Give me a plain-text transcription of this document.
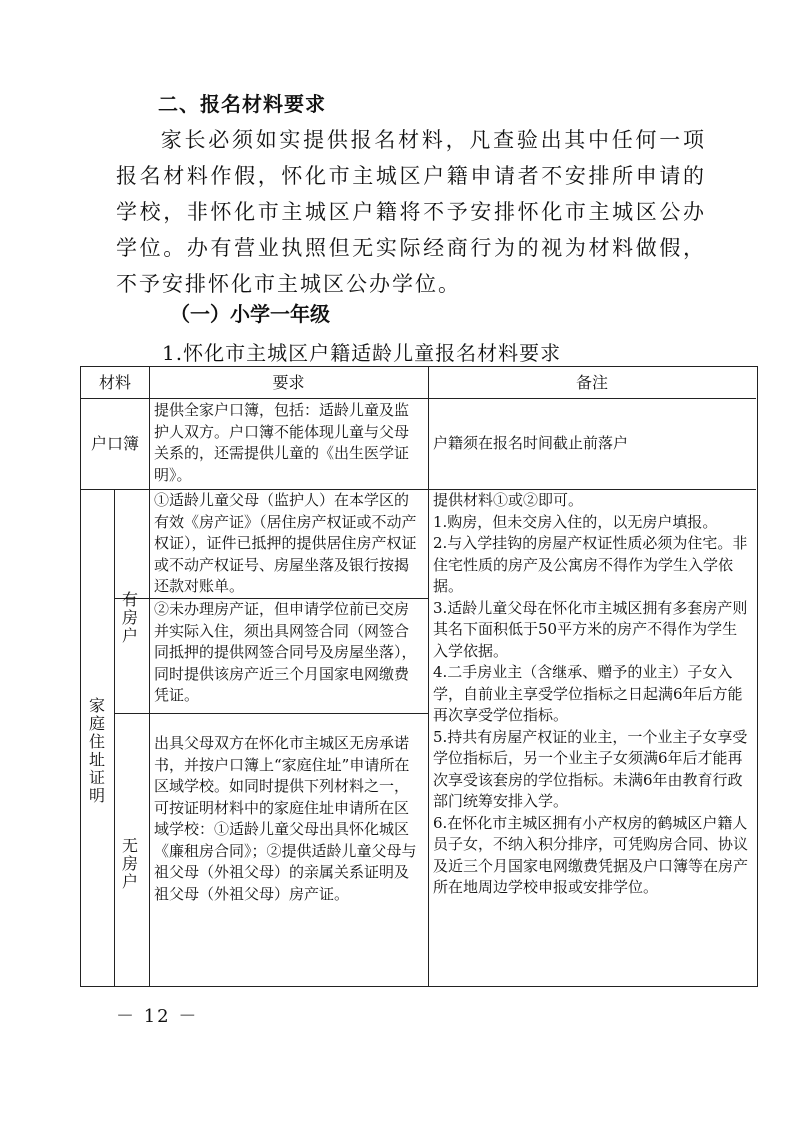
二、报名材料要求
家长必须如实提供报名材料，凡查验出其中任何一项报名材料作假，怀化市主城区户籍申请者不安排所申请的学校，非怀化市主城区户籍将不予安排怀化市主城区公办学位。办有营业执照但无实际经商行为的视为材料做假，不予安排怀化市主城区公办学位。
（一）小学一年级
1.怀化市主城区户籍适龄儿童报名材料要求
材料	要求	备注
户口簿
提供全家户口簿，包括：适龄儿童及监护人双方。户口簿不能体现儿童与父母关系的，还需提供儿童的《出生医学证明》。
户籍须在报名时间截止前落户
家庭住址证明
有房户
无房户
①适龄儿童父母（监护人）在本学区的有效《房产证》（居住房产权证或不动产权证），证件已抵押的提供居住房产权证或不动产权证号、房屋坐落及银行按揭还款对账单。
②未办理房产证，但申请学位前已交房并实际入住，须出具网签合同（网签合同抵押的提供网签合同号及房屋坐落），同时提供该房产近三个月国家电网缴费凭证。
出具父母双方在怀化市主城区无房承诺书，并按户口簿上“家庭住址”申请所在区域学校。如同时提供下列材料之一，可按证明材料中的家庭住址申请所在区域学校：①适龄儿童父母出具怀化城区《廉租房合同》；②提供适龄儿童父母与祖父母（外祖父母）的亲属关系证明及祖父母（外祖父母）房产证。
提供材料①或②即可。
1.购房，但未交房入住的，以无房户填报。
2.与入学挂钩的房屋产权证性质必须为住宅。非住宅性质的房产及公寓房不得作为学生入学依据。
3.适龄儿童父母在怀化市主城区拥有多套房产则其名下面积低于50平方米的房产不得作为学生入学依据。
4.二手房业主（含继承、赠予的业主）子女入学，自前业主享受学位指标之日起满6年后方能再次享受学位指标。
5.持共有房屋产权证的业主，一个业主子女享受学位指标后，另一个业主子女须满6年后才能再次享受该套房的学位指标。未满6年由教育行政部门统筹安排入学。
6.在怀化市主城区拥有小产权房的鹤城区户籍人员子女，不纳入积分排序，可凭购房合同、协议及近三个月国家电网缴费凭据及户口簿等在房产所在地周边学校申报或安排学位。
－ 12 －
